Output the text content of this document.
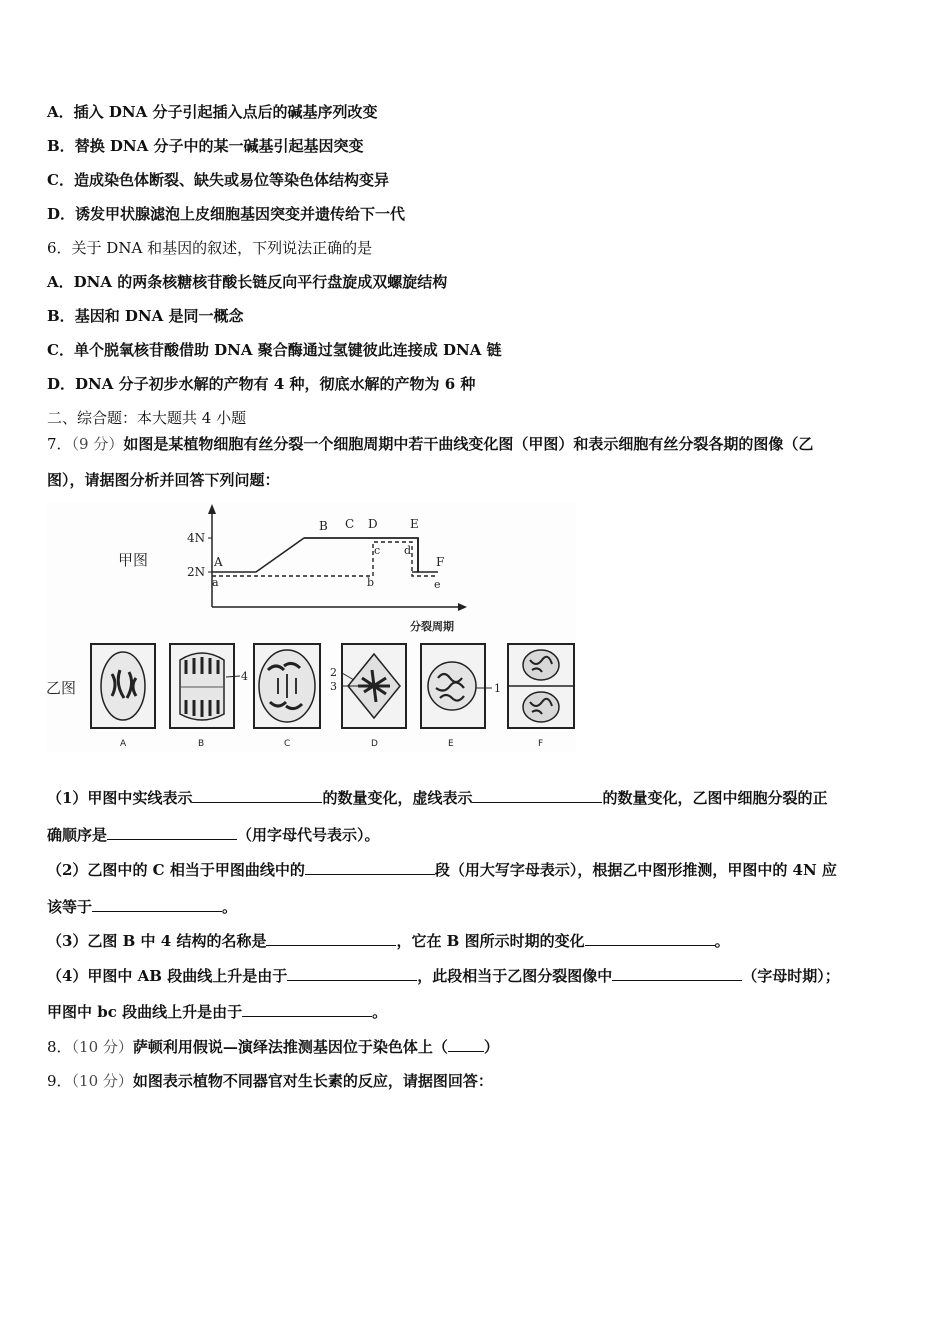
A．插入 DNA 分子引起插入点后的碱基序列改变
B．替换 DNA 分子中的某一碱基引起基因突变
C．造成染色体断裂、缺失或易位等染色体结构变异
D．诱发甲状腺滤泡上皮细胞基因突变并遗传给下一代
6．关于 DNA 和基因的叙述，下列说法正确的是
A．DNA 的两条核糖核苷酸长链反向平行盘旋成双螺旋结构
B．基因和 DNA 是同一概念
C．单个脱氧核苷酸借助 DNA 聚合酶通过氢键彼此连接成 DNA 链
D．DNA 分子初步水解的产物有 4 种，彻底水解的产物为 6 种
二、综合题：本大题共 4 小题
7．（9 分）如图是某植物细胞有丝分裂一个细胞周期中若干曲线变化图（甲图）和表示细胞有丝分裂各期的图像（乙
图），请据图分析并回答下列问题：
甲图
4N
2N
A
B C D	E
F
a	b
c d
e
分裂周期
乙图
4	2
3	1
A	B	C	D	E	F
（1）甲图中实线表示	的数量变化，虚线表示	的数量变化，乙图中细胞分裂的正
确顺序是	（用字母代号表示）。
（2）乙图中的 C 相当于甲图曲线中的	段（用大写字母表示），根据乙中图形推测，甲图中的 4N 应
该等于	。
（3）乙图 B 中 4 结构的名称是	，它在 B 图所示时期的变化	。
（4）甲图中 AB 段曲线上升是由于	，此段相当于乙图分裂图像中	（字母时期）；
甲图中 bc 段曲线上升是由于	。
8．（10 分）萨顿利用假说—演绎法推测基因位于染色体上（ ）
9．（10 分）如图表示植物不同器官对生长素的反应，请据图回答：
